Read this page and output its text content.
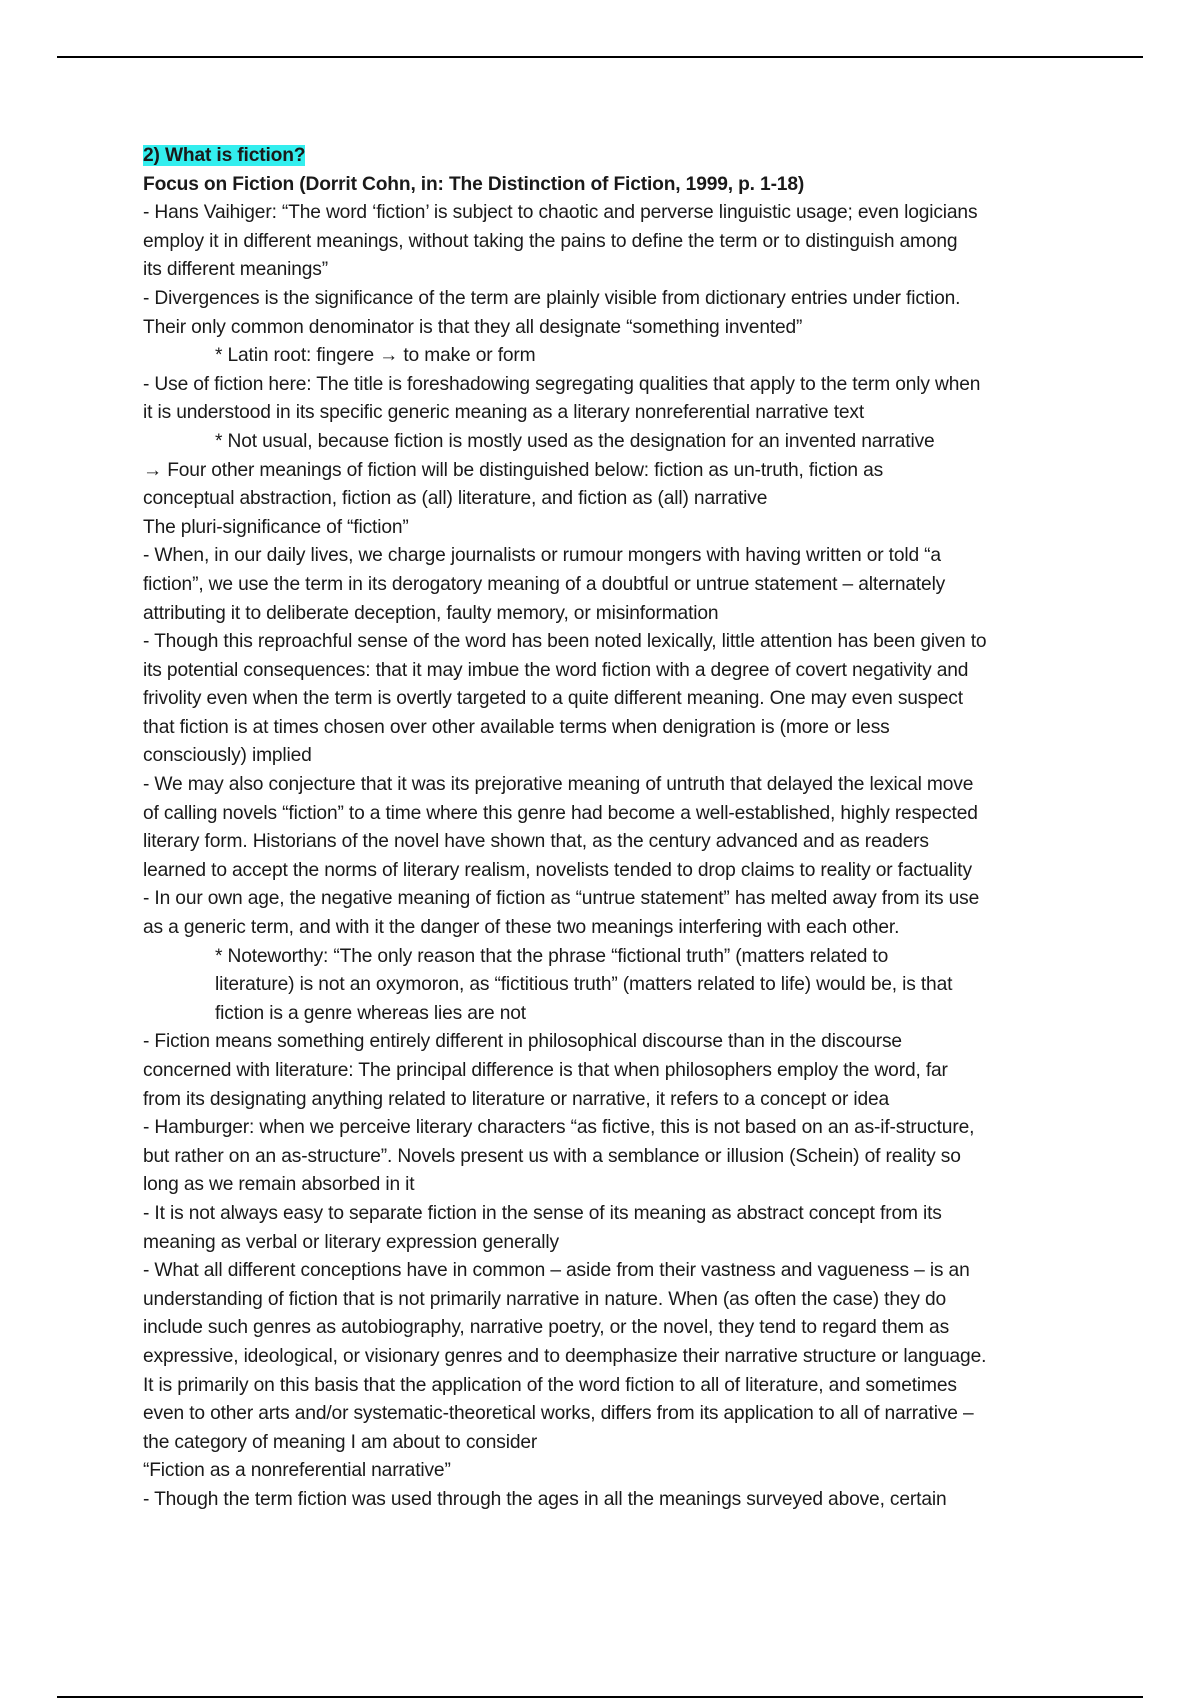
2) What is fiction?
Focus on Fiction (Dorrit Cohn, in: The Distinction of Fiction, 1999, p. 1-18)
- Hans Vaihiger: “The word ‘fiction’ is subject to chaotic and perverse linguistic usage; even logicians
employ it in different meanings, without taking the pains to define the term or to distinguish among
its different meanings”
- Divergences is the significance of the term are plainly visible from dictionary entries under fiction.
Their only common denominator is that they all designate “something invented”
* Latin root: fingere → to make or form
- Use of fiction here: The title is foreshadowing segregating qualities that apply to the term only when
it is understood in its specific generic meaning as a literary nonreferential narrative text
* Not usual, because fiction is mostly used as the designation for an invented narrative
→ Four other meanings of fiction will be distinguished below: fiction as un-truth, fiction as
conceptual abstraction, fiction as (all) literature, and fiction as (all) narrative
The pluri-significance of “fiction”
- When, in our daily lives, we charge journalists or rumour mongers with having written or told “a
fiction”, we use the term in its derogatory meaning of a doubtful or untrue statement – alternately
attributing it to deliberate deception, faulty memory, or misinformation
- Though this reproachful sense of the word has been noted lexically, little attention has been given to
its potential consequences: that it may imbue the word fiction with a degree of covert negativity and
frivolity even when the term is overtly targeted to a quite different meaning. One may even suspect
that fiction is at times chosen over other available terms when denigration is (more or less
consciously) implied
- We may also conjecture that it was its prejorative meaning of untruth that delayed the lexical move
of calling novels “fiction” to a time where this genre had become a well-established, highly respected
literary form. Historians of the novel have shown that, as the century advanced and as readers
learned to accept the norms of literary realism, novelists tended to drop claims to reality or factuality
- In our own age, the negative meaning of fiction as “untrue statement” has melted away from its use
as a generic term, and with it the danger of these two meanings interfering with each other.
* Noteworthy: “The only reason that the phrase “fictional truth” (matters related to
literature) is not an oxymoron, as “fictitious truth” (matters related to life) would be, is that
fiction is a genre whereas lies are not
- Fiction means something entirely different in philosophical discourse than in the discourse
concerned with literature: The principal difference is that when philosophers employ the word, far
from its designating anything related to literature or narrative, it refers to a concept or idea
- Hamburger: when we perceive literary characters “as fictive, this is not based on an as-if-structure,
but rather on an as-structure”. Novels present us with a semblance or illusion (Schein) of reality so
long as we remain absorbed in it
- It is not always easy to separate fiction in the sense of its meaning as abstract concept from its
meaning as verbal or literary expression generally
- What all different conceptions have in common – aside from their vastness and vagueness – is an
understanding of fiction that is not primarily narrative in nature. When (as often the case) they do
include such genres as autobiography, narrative poetry, or the novel, they tend to regard them as
expressive, ideological, or visionary genres and to deemphasize their narrative structure or language.
It is primarily on this basis that the application of the word fiction to all of literature, and sometimes
even to other arts and/or systematic-theoretical works, differs from its application to all of narrative –
the category of meaning I am about to consider
“Fiction as a nonreferential narrative”
- Though the term fiction was used through the ages in all the meanings surveyed above, certain
